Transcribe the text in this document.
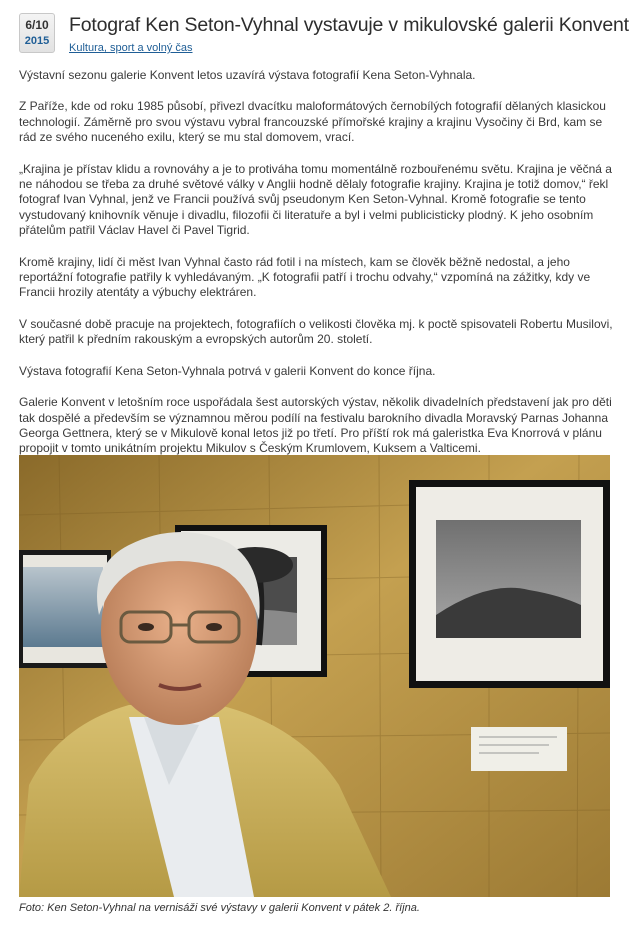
6/10
2015
Fotograf Ken Seton-Vyhnal vystavuje v mikulovské galerii Konvent
Kultura, sport a volný čas

Výstavní sezonu galerie Konvent letos uzavírá výstava fotografií Kena Seton-Vyhnala.

Z Paříže, kde od roku 1985 působí, přivezl dvacítku maloformátových černobílých fotografií dělaných klasickou technologií. Záměrně pro svou výstavu vybral francouzské přímořské krajiny a krajinu Vysočiny či Brd, kam se rád ze svého nuceného exilu, který se mu stal domovem, vrací.

„Krajina je přístav klidu a rovnováhy a je to protiváha tomu momentálně rozbouřenému světu. Krajina je věčná a ne náhodou se třeba za druhé světové války v Anglii hodně dělaly fotografie krajiny. Krajina je totiž domov,“ řekl fotograf Ivan Vyhnal, jenž ve Francii používá svůj pseudonym Ken Seton-Vyhnal. Kromě fotografie se tento vystudovaný knihovník věnuje i divadlu, filozofii či literatuře a byl i velmi publicisticky plodný. K jeho osobním přátelům patřil Václav Havel či Pavel Tigrid.

Kromě krajiny, lidí či měst Ivan Vyhnal často rád fotil i na místech, kam se člověk běžně nedostal, a jeho reportážní fotografie patřily k vyhledávaným. „K fotografii patří i trochu odvahy,“ vzpomíná na zážitky, kdy ve Francii hrozily atentáty a výbuchy elektráren.

V současné době pracuje na projektech, fotografiích o velikosti člověka mj. k poctě spisovateli Robertu Musilovi, který patřil k předním rakouským a evropských autorům 20. století.

Výstava fotografií Kena Seton-Vyhnala potrvá v galerii Konvent do konce října.

Galerie Konvent v letošním roce uspořádala šest autorských výstav, několik divadelních představení jak pro děti tak dospělé a především se významnou měrou podílí na festivalu barokního divadla Moravský Parnas Johanna Georga Gettnera, který se v Mikulově konal letos již po třetí. Pro příští rok má galeristka Eva Knorrová v plánu propojit v tomto unikátním projektu Mikulov s Českým Krumlovem, Kuksem a Valticemi.

Foto: Ken Seton-Vyhnal na vernisáži své výstavy v galerii Konvent v pátek 2. října.
